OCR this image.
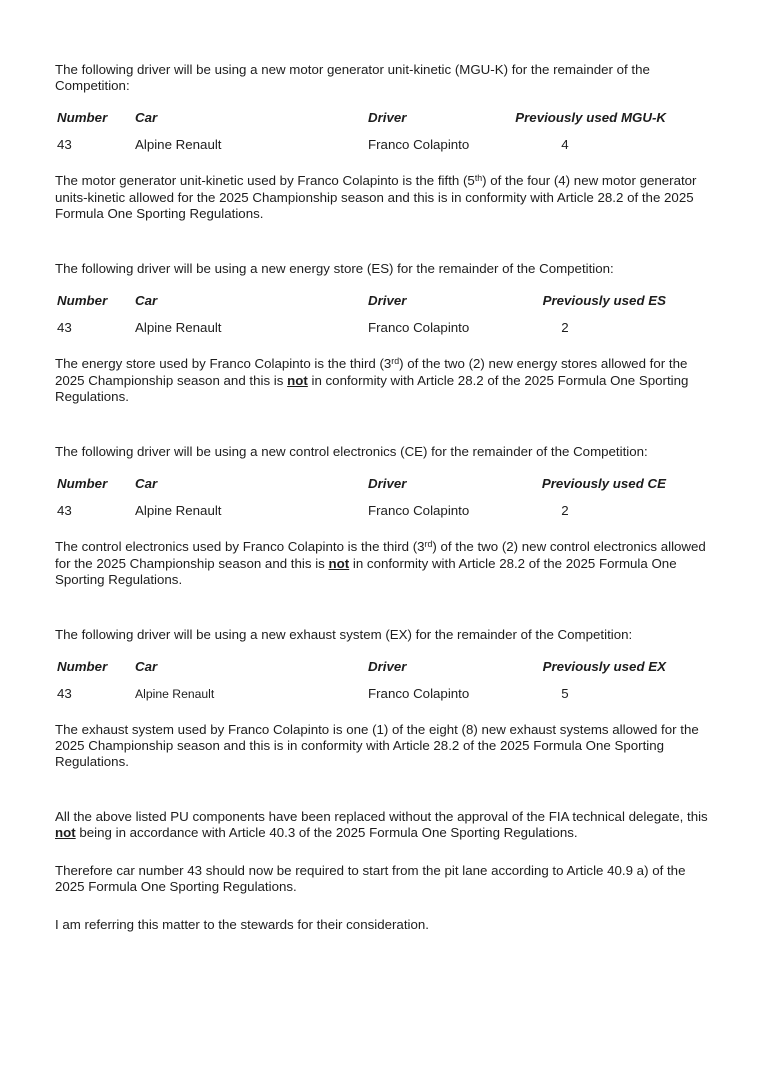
The following driver will be using a new motor generator unit-kinetic (MGU-K) for the remainder of the Competition:

Number	Car	Driver	Previously used MGU-K
43	Alpine Renault	Franco Colapinto	4

The motor generator unit-kinetic used by Franco Colapinto is the fifth (5th) of the four (4) new motor generator units-kinetic allowed for the 2025 Championship season and this is in conformity with Article 28.2 of the 2025 Formula One Sporting Regulations.

The following driver will be using a new energy store (ES) for the remainder of the Competition:

Number	Car	Driver	Previously used ES
43	Alpine Renault	Franco Colapinto	2

The energy store used by Franco Colapinto is the third (3rd) of the two (2) new energy stores allowed for the 2025 Championship season and this is not in conformity with Article 28.2 of the 2025 Formula One Sporting Regulations.

The following driver will be using a new control electronics (CE) for the remainder of the Competition:

Number	Car	Driver	Previously used CE
43	Alpine Renault	Franco Colapinto	2

The control electronics used by Franco Colapinto is the third (3rd) of the two (2) new control electronics allowed for the 2025 Championship season and this is not in conformity with Article 28.2 of the 2025 Formula One Sporting Regulations.

The following driver will be using a new exhaust system (EX) for the remainder of the Competition:

Number	Car	Driver	Previously used EX
43	Alpine Renault	Franco Colapinto	5

The exhaust system used by Franco Colapinto is one (1) of the eight (8) new exhaust systems allowed for the 2025 Championship season and this is in conformity with Article 28.2 of the 2025 Formula One Sporting Regulations.

All the above listed PU components have been replaced without the approval of the FIA technical delegate, this not being in accordance with Article 40.3 of the 2025 Formula One Sporting Regulations.

Therefore car number 43 should now be required to start from the pit lane according to Article 40.9 a) of the 2025 Formula One Sporting Regulations.

I am referring this matter to the stewards for their consideration.
